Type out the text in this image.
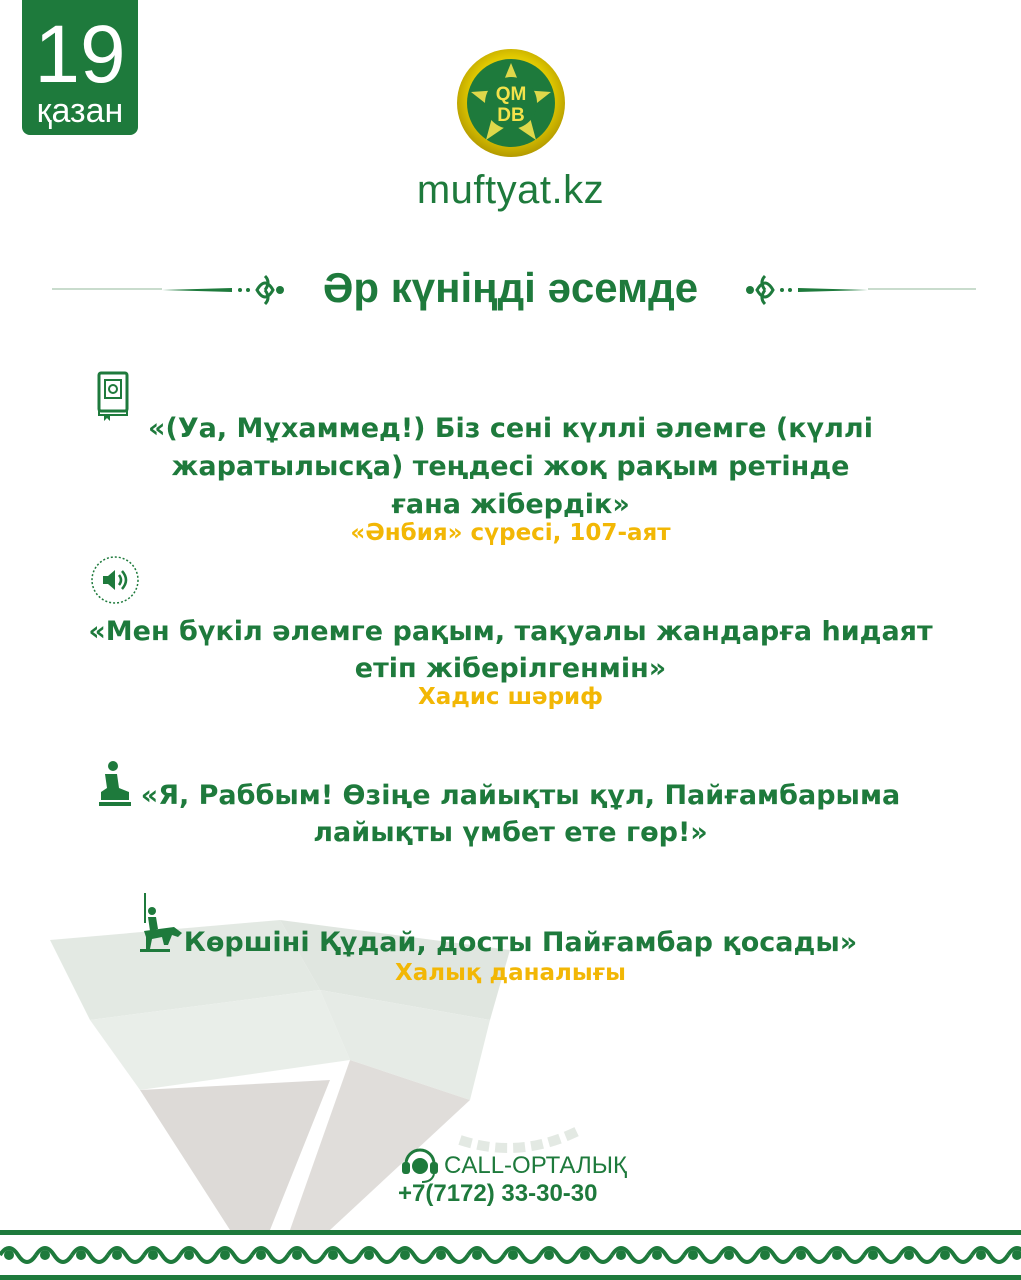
19
қазан	QM
DB
muftyat.kz
Әр күніңді әсемде
«(Уа, Мұхаммед!) Біз сені күллі әлемге (күллі
жаратылысқа) теңдесі жоқ рақым ретінде
ғана жібердік»
«Әнбия» сүресі, 107-аят
«Мен бүкіл әлемге рақым, тақуалы жандарға һидаят
етіп жіберілгенмін»
Хадис шәриф
«Я, Раббым! Өзіңе лайықты құл, Пайғамбарыма
лайықты үмбет ете гөр!»
Көршіні Құдай, досты Пайғамбар қосады»
Халық даналығы
CALL-ОРТАЛЫҚ
+7(7172) 33-30-30
